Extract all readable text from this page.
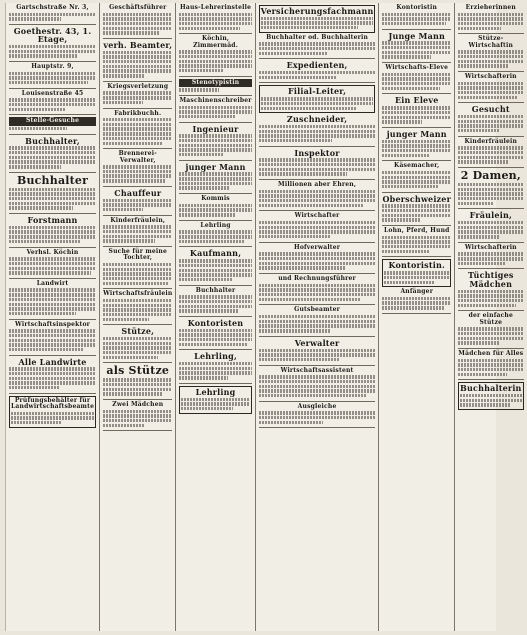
Gartschstraße Nr. 3,
Goethestr. 43, 1. Etage,
Hauptstr. 9,
Louisenstraße 45
Stelle-Gesuche
Buchhalter,
Buchhalter
Forstmann
Verhsl. Köchin
Landwirt
Wirtschaftsinspektor
Alle Landwirte
Prüfungsbehälter für Landwirtschaftsbeamte
Geschäftsführer
verh. Beamter,
Kriegsverletzung
Fabrikbuchh.
Brennerei-Verwalter,
Chauffeur
Kinderfräulein,
Suche für meine Tochter,
Wirtschaftsfräulein
Stütze,
als Stütze
Zwei Mädchen
Haus-Lehrerinstelle
Köchin, Zimmermäd.
Stenotypistin
Maschinenschreiber
Ingenieur
junger Mann
Kommis
Lehrling
Kaufmann,
Buchhalter
Kontoristen
Lehrling,
Lehrling
Versicherungsfachmann
Buchhalter od. Buchhalterin
Expedienten,
Filial-Leiter,
Zuschneider,
Inspektor
Millionen aber Ehren,
Wirtschafter
Hofverwalter
und Rechnungsführer
Gutsbeamter
Verwalter
Wirtschaftsassistent
Ausgleiche
Kontoristin
Junge Mann
Wirtschafts-Eleve
Ein Eleve
junger Mann
Käsemacher,
Oberschweizer
Lohn, Pferd, Hund
Kontoristin.
Anfänger
Erzieherinnen
Stütze-Wirtschaftin
Wirtschafterin
Gesucht
Kinderfräulein
2 Damen,
Fräulein,
Wirtschafterin
Tüchtiges Mädchen
der einfache Stütze
Mädchen für Alles
Buchhalterin
